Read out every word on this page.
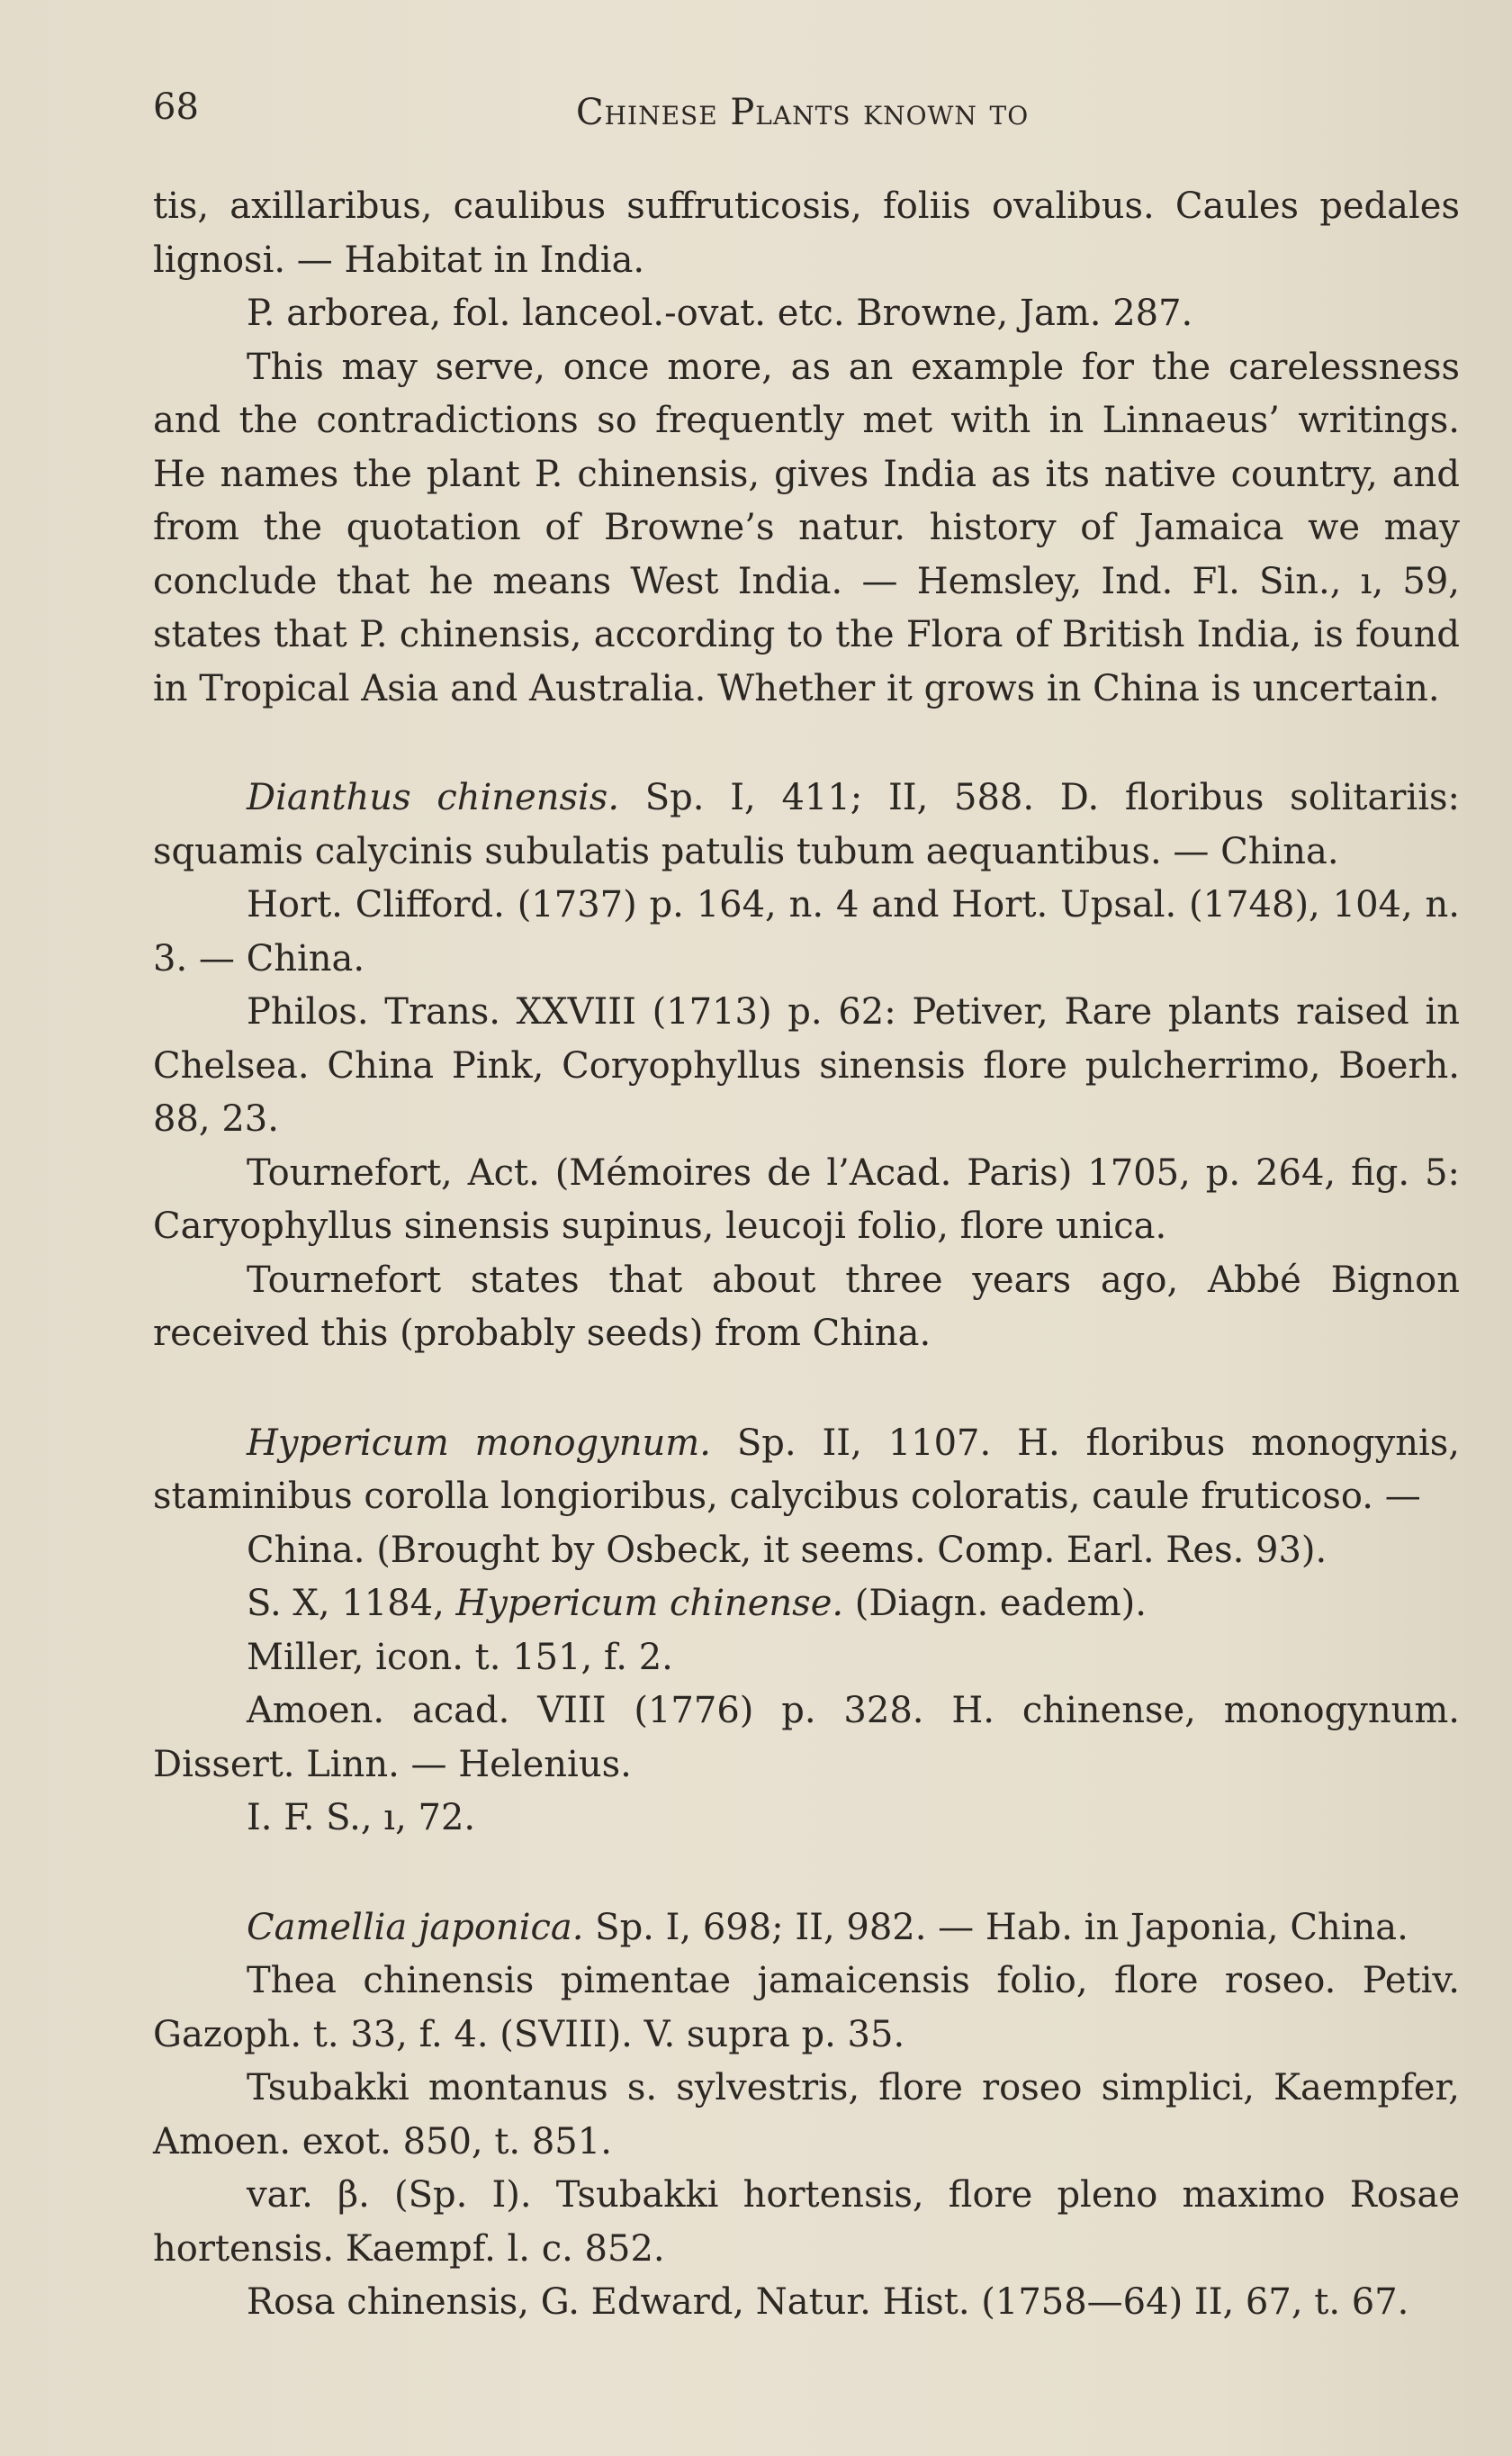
68	Chinese Plants known to

tis, axillaribus, caulibus suffruticosis, foliis ovalibus. Caules pedales lignosi. — Habitat in India.

P. arborea, fol. lanceol.-ovat. etc. Browne, Jam. 287.

This may serve, once more, as an example for the carelessness and the contradictions so frequently met with in Linnaeus’ writings. He names the plant P. chinensis, gives India as its native country, and from the quotation of Browne’s natur. history of Jamaica we may conclude that he means West India. — Hemsley, Ind. Fl. Sin., ı, 59, states that P. chinensis, according to the Flora of British India, is found in Tropical Asia and Australia. Whether it grows in China is uncertain.

Dianthus chinensis. Sp. I, 411; II, 588. D. floribus solitariis: squamis calycinis subulatis patulis tubum aequantibus. — China.

Hort. Clifford. (1737) p. 164, n. 4 and Hort. Upsal. (1748), 104, n. 3. — China.

Philos. Trans. XXVIII (1713) p. 62: Petiver, Rare plants raised in Chelsea. China Pink, Coryophyllus sinensis flore pulcherrimo, Boerh. 88, 23.

Tournefort, Act. (Mémoires de l’Acad. Paris) 1705, p. 264, fig. 5: Caryophyllus sinensis supinus, leucoji folio, flore unica.

Tournefort states that about three years ago, Abbé Bignon received this (probably seeds) from China.

Hypericum monogynum. Sp. II, 1107. H. floribus monogynis, staminibus corolla longioribus, calycibus coloratis, caule fruticoso. —

China. (Brought by Osbeck, it seems. Comp. Earl. Res. 93).

S. X, 1184, Hypericum chinense. (Diagn. eadem).

Miller, icon. t. 151, f. 2.

Amoen. acad. VIII (1776) p. 328. H. chinense, monogynum. Dissert. Linn. — Helenius.

I. F. S., ı, 72.

Camellia japonica. Sp. I, 698; II, 982. — Hab. in Japonia, China.

Thea chinensis pimentae jamaicensis folio, flore roseo. Petiv. Gazoph. t. 33, f. 4. (SVIII). V. supra p. 35.

Tsubakki montanus s. sylvestris, flore roseo simplici, Kaempfer, Amoen. exot. 850, t. 851.

var. β. (Sp. I). Tsubakki hortensis, flore pleno maximo Rosae hortensis. Kaempf. l. c. 852.

Rosa chinensis, G. Edward, Natur. Hist. (1758—64) II, 67, t. 67.
